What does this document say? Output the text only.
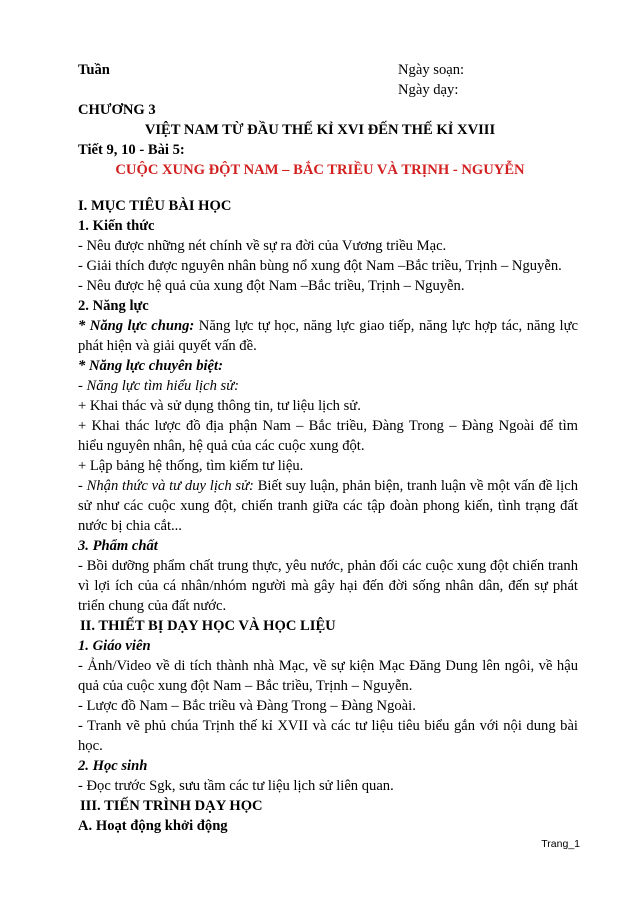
Tuần	Ngày soạn:
Ngày dạy:
CHƯƠNG 3
VIỆT NAM TỪ ĐẦU THẾ KỈ XVI ĐẾN THẾ KỈ XVIII
Tiết 9, 10 - Bài 5:
CUỘC XUNG ĐỘT NAM – BẮC TRIỀU VÀ TRỊNH - NGUYỄN
I. MỤC TIÊU BÀI HỌC
1. Kiến thức
- Nêu được những nét chính về sự ra đời của Vương triều Mạc.
- Giải thích được nguyên nhân bùng nổ xung đột Nam –Bắc triều, Trịnh – Nguyễn.
- Nêu được hệ quả của xung đột Nam –Bắc triều, Trịnh – Nguyễn.
2. Năng lực
* Năng lực chung: Năng lực tự học, năng lực giao tiếp, năng lực hợp tác, năng lực phát hiện và giải quyết vấn đề.
* Năng lực chuyên biệt:
- Năng lực tìm hiểu lịch sử:
+ Khai thác và sử dụng thông tin, tư liệu lịch sử.
+ Khai thác lược đồ địa phận Nam – Bắc triều, Đàng Trong – Đàng Ngoài để tìm hiểu nguyên nhân, hệ quả của các cuộc xung đột.
+ Lập bảng hệ thống, tìm kiếm tư liệu.
- Nhận thức và tư duy lịch sử: Biết suy luận, phản biện, tranh luận về một vấn đề lịch sử như các cuộc xung đột, chiến tranh giữa các tập đoàn phong kiến, tình trạng đất nước bị chia cắt...
3. Phẩm chất
- Bồi dưỡng phẩm chất trung thực, yêu nước, phản đối các cuộc xung đột chiến tranh vì lợi ích của cá nhân/nhóm người mà gây hại đến đời sống nhân dân, đến sự phát triển chung của đất nước.
II. THIẾT BỊ DẠY HỌC VÀ HỌC LIỆU
1. Giáo viên
- Ảnh/Video về di tích thành nhà Mạc, về sự kiện Mạc Đăng Dung lên ngôi, về hậu quả của cuộc xung đột Nam – Bắc triều, Trịnh – Nguyễn.
- Lược đồ Nam – Bắc triều và Đàng Trong – Đàng Ngoài.
- Tranh vẽ phủ chúa Trịnh thế kỉ XVII và các tư liệu tiêu biểu gắn với nội dung bài học.
2. Học sinh
- Đọc trước Sgk, sưu tầm các tư liệu lịch sử liên quan.
III. TIẾN TRÌNH DẠY HỌC
A. Hoạt động khởi động
Trang_1
